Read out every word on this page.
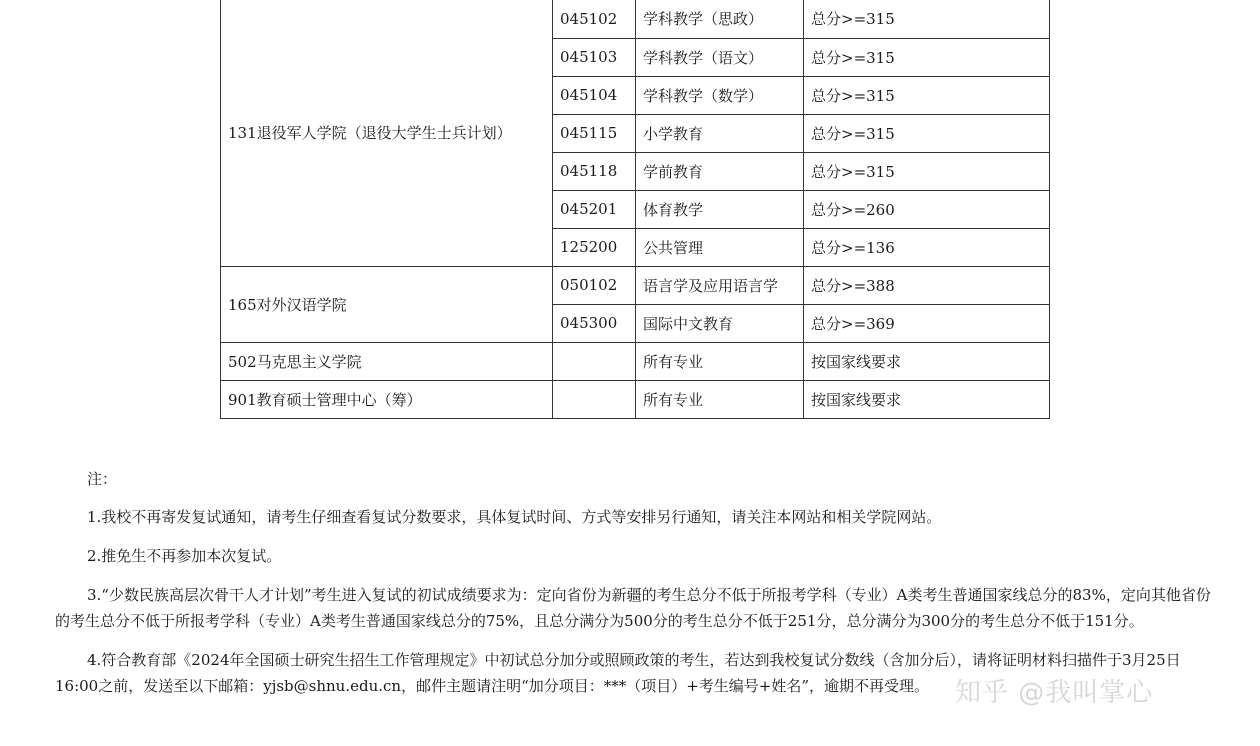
131退役军人学院（退役大学生士兵计划）	045102	学科教学（思政）	总分>=315
	045103	学科教学（语文）	总分>=315
	045104	学科教学（数学）	总分>=315
	045115	小学教育	总分>=315
	045118	学前教育	总分>=315
	045201	体育教学	总分>=260
	125200	公共管理	总分>=136
165对外汉语学院	050102	语言学及应用语言学	总分>=388
	045300	国际中文教育	总分>=369
502马克思主义学院		所有专业	按国家线要求
901教育硕士管理中心（筹）		所有专业	按国家线要求

注：

1.我校不再寄发复试通知，请考生仔细查看复试分数要求，具体复试时间、方式等安排另行通知，请关注本网站和相关学院网站。

2.推免生不再参加本次复试。

3.“少数民族高层次骨干人才计划”考生进入复试的初试成绩要求为：定向省份为新疆的考生总分不低于所报考学科（专业）A类考生普通国家线总分的83%，定向其他省份的考生总分不低于所报考学科（专业）A类考生普通国家线总分的75%，且总分满分为500分的考生总分不低于251分，总分满分为300分的考生总分不低于151分。

4.符合教育部《2024年全国硕士研究生招生工作管理规定》中初试总分加分或照顾政策的考生，若达到我校复试分数线（含加分后），请将证明材料扫描件于3月25日16:00之前，发送至以下邮箱：yjsb@shnu.edu.cn，邮件主题请注明“加分项目：***（项目）+考生编号+姓名”，逾期不再受理。 知乎 @我叫掌心
